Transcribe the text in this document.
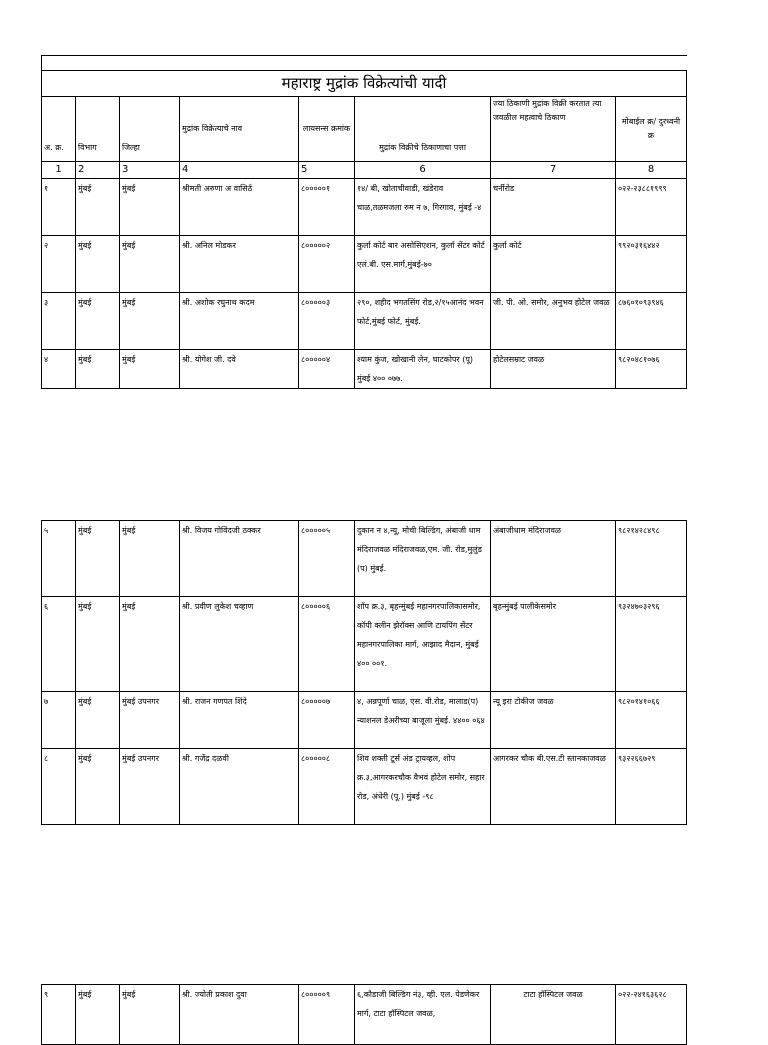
महाराष्ट्र मुद्रांक विक्रेत्यांची यादी							
अ. क्र.	विभाग	जिल्हा	मुद्रांक विक्रेत्याचे नाव	लायसन्स क्रमांक	मुद्रांक विक्रीचे ठिकाणाचा पत्ता	ज्या ठिकाणी मुद्रांक विक्री करतात त्या जवळील महत्वाचे ठिकाण	मोबाईल क्र/ दुरध्वनी क्र
1	2	3	4	5	6	7	8
१	मुंबई	मुंबई	श्रीमती अरुणा अ वासिर्ठ	८०००००१	१४/ बी, खोताचीवाडी, खंडेराव चाळ,तळमजला रुम न ७, गिरगाव, मुंबई -४	चर्नीरोड	०२२-२३८८१९९९
२	मुंबई	मुंबई	श्री. अनिल मोडकर	८०००००२	कुर्ला कोर्ट बार असोसिएशन, कुर्ला सेंटर कोर्ट एलं.बी. एस.मार्ग,मुंबई-७०	कुर्ला कोर्ट	९९२०३१६४४२
३	मुंबई	मुंबई	श्री. अशोक रघुनाथ कदम	८०००००३	२९०, शहीद भगतसिंग रोड,२/१५आनंद भवन फोर्ट,मुंबई फोर्ट, मुंबई.	जी. पी. ओ. समोर, अनुभव होटेल जवळ	८७६०१०९३९४६
४	मुंबई	मुंबई	श्री. योगेश जी. दवे	८०००००४	श्याम कुंज, खोखानी लेन, घाटकोपर (पू) मुंबई ४०० ०७७.	होटेलसम्राट जवळ	९८२०४८१०७६
५	मुंबई	मुंबई	श्री. विजय गोविंदजी ठक्कर	८०००००५	दुकान न ४,न्यू, मोची बिल्डिंग, अंबाजी धाम मंदिराजवळ मंदिराजवळ,एम. जी. रोड,मुलुंड (प) मुंबई.	अंबाजीधाम मंदिराजवळ	९८२१४२८४९८
६	मुंबई	मुंबई	श्री. प्रवीण लुकेश चव्हाण	८०००००६	शॉप क्र.३, बृहन्मुंबई महानगरपालिकासमोर, कॉपी क्लीन झेरॉक्स आणि टायपिंग सेंटर महानगरपालिका मार्ग, आझाद मैदान, मुंबई ४०० ००१.	बृहन्मुंबई पालीकेसमोर	९३२४७०३२९६
७	मुंबई	मुंबई उपनगर	श्री. राजन गणपत शिंदे	८०००००७	४, अन्नपूर्णा चाळ, एस. वी.रोड, मालाड(प) न्याशनल डेअरीच्या बाजूला मुंबई. ४४०० ०६४	न्यू इरा टोकीज जवळ	९८२०१४१०६६
८	मुंबई	मुंबई उपनगर	श्री. गजेंद्र दळवी	८०००००८	शिव शक्ती टूर्स अंड ट्रायव्हल, शोप क्र.३,आगरकरचौक वैभवं होटेल समोर, सहार रोड, अंधेरी (पू.) मुंबई -९८	आगरकर चौक बी.एस.टी स्तानकाजवळ	९३२२६६७२९
९	मुंबई	मुंबई	श्री. ज्योती प्रकाश दुवा	८०००००९	६,कौडाजी बिल्डिंग नं३, व्ही. एल. पेडणेकर मार्ग, टाटा हॉस्पिटल जवळ,	टाटा हॉस्पिटल जवळ	०२२-२४१६३६२८
